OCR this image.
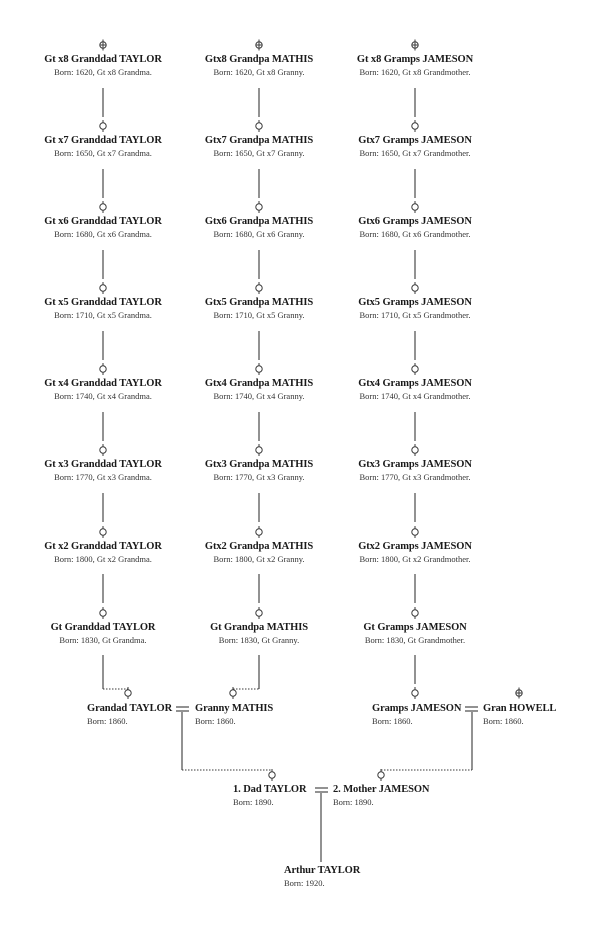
Gt x8 Granddad TAYLOR
Born: 1620, Gt x8 Grandma.
Gt x7 Granddad TAYLOR
Born: 1650, Gt x7 Grandma.
Gt x6 Granddad TAYLOR
Born: 1680, Gt x6 Grandma.
Gt x5 Granddad TAYLOR
Born: 1710, Gt x5 Grandma.
Gt x4 Granddad TAYLOR
Born: 1740, Gt x4 Grandma.
Gt x3 Granddad TAYLOR
Born: 1770, Gt x3 Grandma.
Gt x2 Granddad TAYLOR
Born: 1800, Gt x2 Grandma.
Gt Granddad TAYLOR
Born: 1830, Gt Grandma.
Gtx8 Grandpa MATHIS
Born: 1620, Gt x8 Granny.
Gtx7 Grandpa MATHIS
Born: 1650, Gt x7 Granny.
Gtx6 Grandpa MATHIS
Born: 1680, Gt x6 Granny.
Gtx5 Grandpa MATHIS
Born: 1710, Gt x5 Granny.
Gtx4 Grandpa MATHIS
Born: 1740, Gt x4 Granny.
Gtx3 Grandpa MATHIS
Born: 1770, Gt x3 Granny.
Gtx2 Grandpa MATHIS
Born: 1800, Gt x2 Granny.
Gt Grandpa MATHIS
Born: 1830, Gt Granny.
Gt x8 Gramps JAMESON
Born: 1620, Gt x8 Grandmother.
Gtx7 Gramps JAMESON
Born: 1650, Gt x7 Grandmother.
Gtx6 Gramps JAMESON
Born: 1680, Gt x6 Grandmother.
Gtx5 Gramps JAMESON
Born: 1710, Gt x5 Grandmother.
Gtx4 Gramps JAMESON
Born: 1740, Gt x4 Grandmother.
Gtx3 Gramps JAMESON
Born: 1770, Gt x3 Grandmother.
Gtx2 Gramps JAMESON
Born: 1800, Gt x2 Grandmother.
Gt Gramps JAMESON
Born: 1830, Gt Grandmother.
Grandad TAYLOR
Born: 1860.
Granny MATHIS
Born: 1860.
Gramps JAMESON
Born: 1860.
Gran HOWELL
Born: 1860.
1. Dad TAYLOR
Born: 1890.
2. Mother JAMESON
Born: 1890.
Arthur TAYLOR
Born: 1920.
